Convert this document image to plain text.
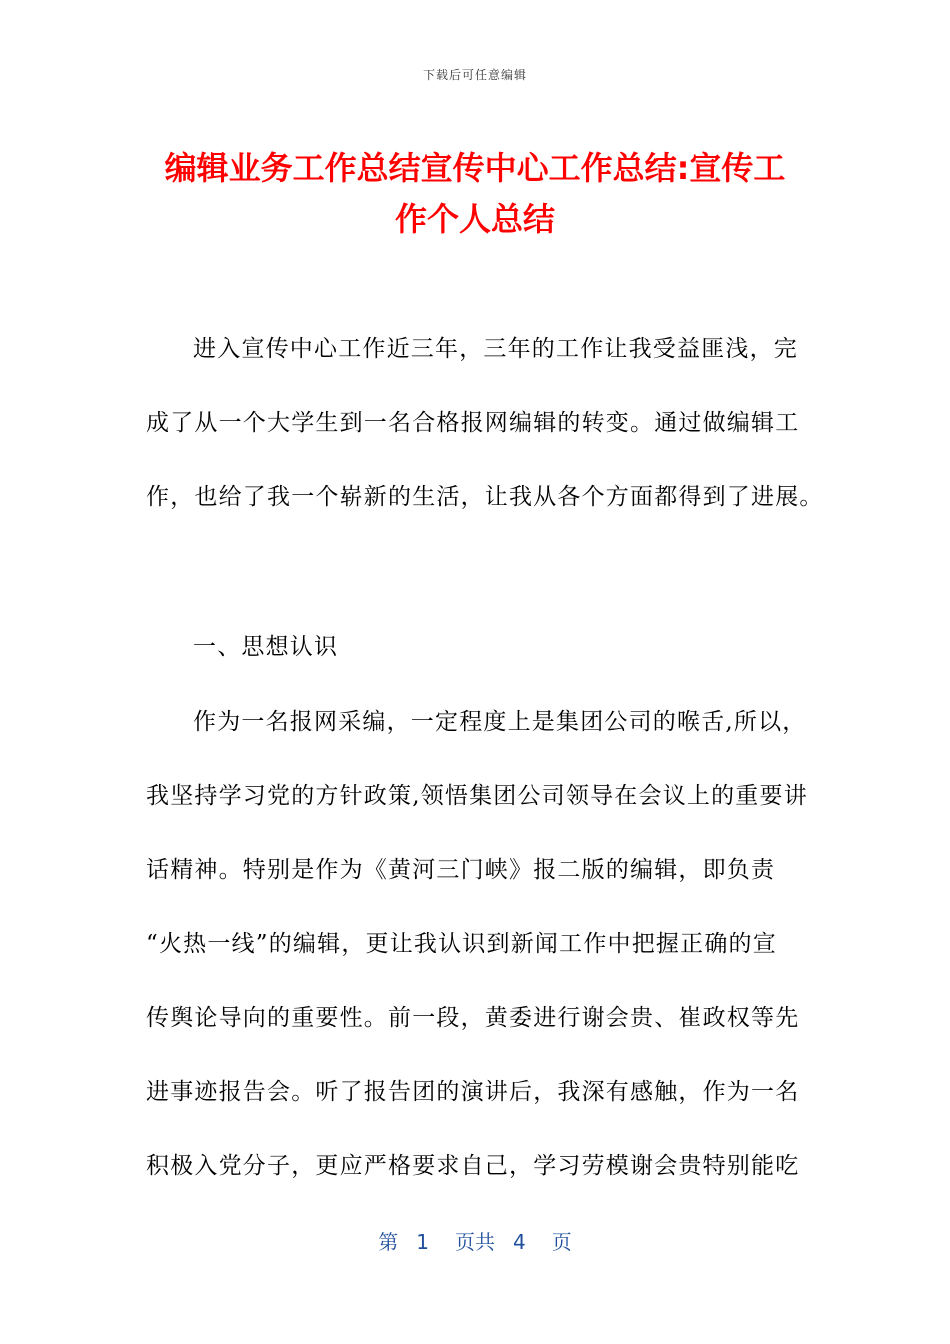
下载后可任意编辑
编辑业务工作总结宣传中心工作总结:宣传工
作个人总结
进入宣传中心工作近三年，三年的工作让我受益匪浅，完
成了从一个大学生到一名合格报网编辑的转变。通过做编辑工
作，也给了我一个崭新的生活，让我从各个方面都得到了进展。
一、思想认识
作为一名报网采编，一定程度上是集团公司的喉舌,所以，
我坚持学习党的方针政策,领悟集团公司领导在会议上的重要讲
话精神。特别是作为《黄河三门峡》报二版的编辑，即负责
“火热一线”的编辑，更让我认识到新闻工作中把握正确的宣
传舆论导向的重要性。前一段，黄委进行谢会贵、崔政权等先
进事迹报告会。听了报告团的演讲后，我深有感触，作为一名
积极入党分子，更应严格要求自己，学习劳模谢会贵特别能吃
第 1 页共 4 页
